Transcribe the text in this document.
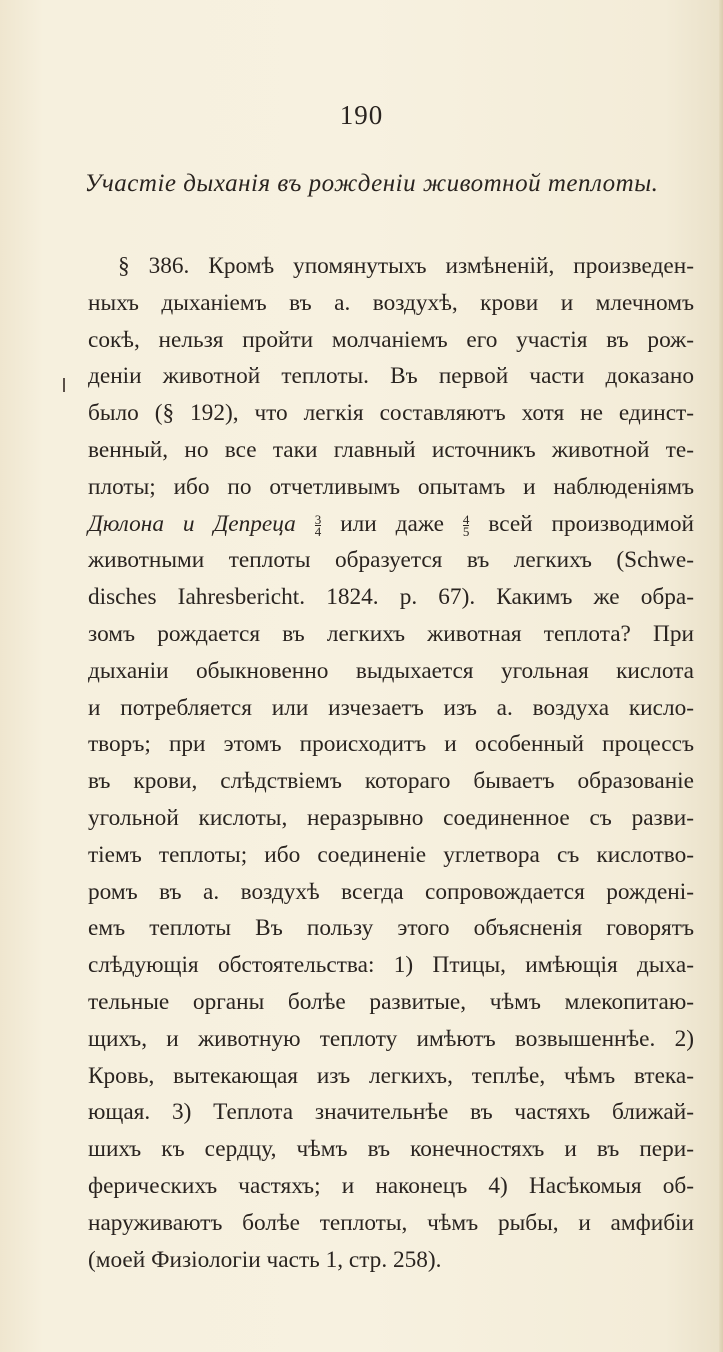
190
Участіе дыханія въ рожденіи животной теплоты.
§ 386. Кромѣ упомянутыхъ измѣненій, произведен-
ныхъ дыханіемъ въ а. воздухѣ, крови и млечномъ
сокѣ, нельзя пройти молчаніемъ его участія въ рож-
деніи животной теплоты. Въ первой части доказано
было (§ 192), что легкія составляютъ хотя не единст-
венный, но все таки главный источникъ животной те-
плоты; ибо по отчетливымъ опытамъ и наблюденіямъ
Дюлона и Депреца $\frac{3}{4}$ или даже $\frac{4}{5}$ всей производимой
животными теплоты образуется въ легкихъ (Schwe-
disches Iahresbericht. 1824. p. 67). Какимъ же обра-
зомъ рождается въ легкихъ животная теплота? При
дыханіи обыкновенно выдыхается угольная кислота
и потребляется или изчезаетъ изъ а. воздуха кисло-
творъ; при этомъ происходитъ и особенный процессъ
въ крови, слѣдствіемъ котораго бываетъ образованіе
угольной кислоты, неразрывно соединенное съ разви-
тіемъ теплоты; ибо соединеніе углетвора съ кислотво-
ромъ въ а. воздухѣ всегда сопровождается рожденi-
емъ теплоты Въ пользу этого объясненія говорятъ
слѣдующія обстоятельства: 1) Птицы, имѣющія дыха-
тельные органы болѣе развитые, чѣмъ млекопитаю-
щихъ, и животную теплоту имѣютъ возвышеннѣе. 2)
Кровь, вытекающая изъ легкихъ, теплѣе, чѣмъ втека-
ющая. 3) Теплота значительнѣе въ частяхъ ближай-
шихъ къ сердцу, чѣмъ въ конечностяхъ и въ пери-
ферическихъ частяхъ; и наконецъ 4) Насѣкомыя об-
наруживаютъ болѣе теплоты, чѣмъ рыбы, и амфибіи
(моей Физіологіи часть 1, стр. 258).
